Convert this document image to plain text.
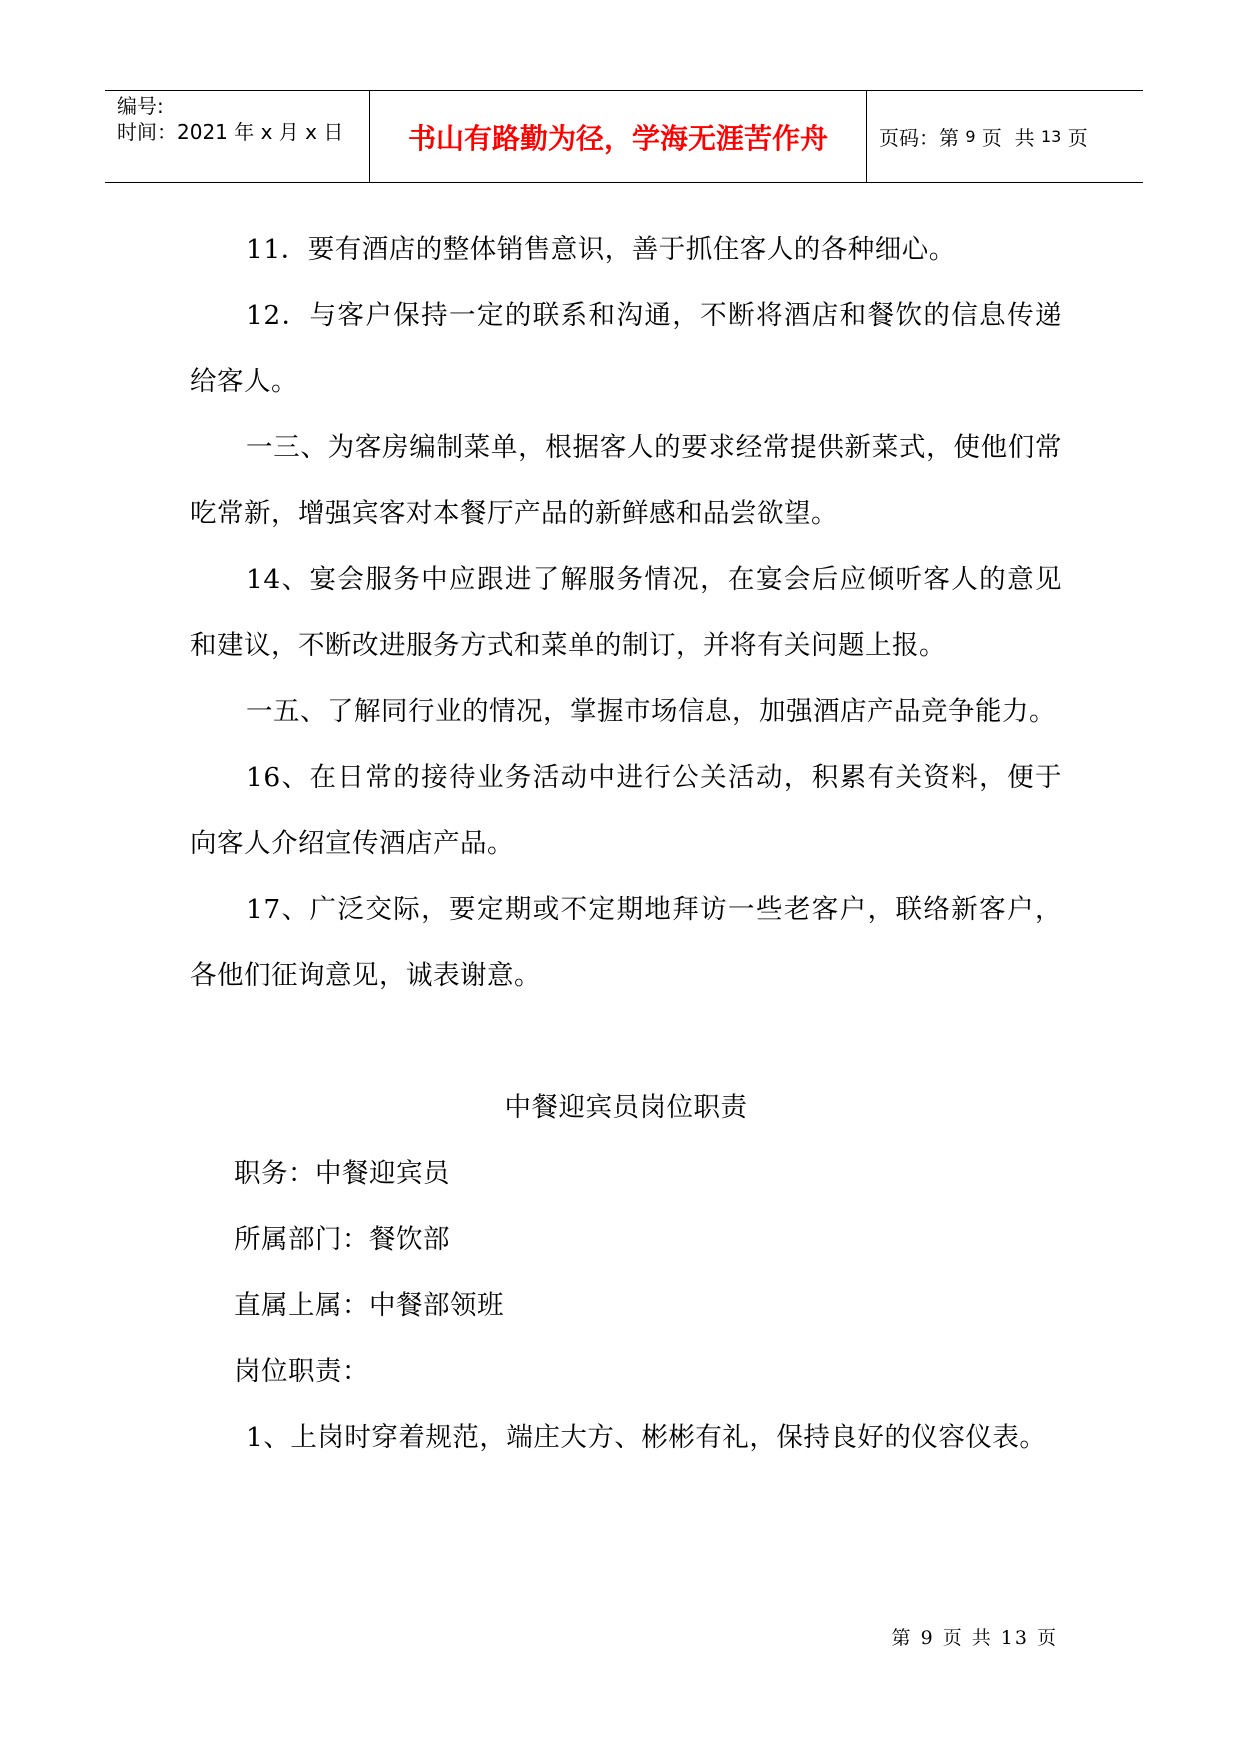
编号:
时间：2021 年 x 月 x 日	书山有路勤为径，学海无涯苦作舟	页码：第 9 页  共 13 页

11．要有酒店的整体销售意识，善于抓住客人的各种细心。

12．与客户保持一定的联系和沟通，不断将酒店和餐饮的信息传递给客人。

一三、为客房编制菜单，根据客人的要求经常提供新菜式，使他们常吃常新，增强宾客对本餐厅产品的新鲜感和品尝欲望。

14、宴会服务中应跟进了解服务情况，在宴会后应倾听客人的意见和建议，不断改进服务方式和菜单的制订，并将有关问题上报。

一五、了解同行业的情况，掌握市场信息，加强酒店产品竞争能力。

16、在日常的接待业务活动中进行公关活动，积累有关资料，便于向客人介绍宣传酒店产品。

17、广泛交际，要定期或不定期地拜访一些老客户，联络新客户，各他们征询意见，诚表谢意。

中餐迎宾员岗位职责

职务：中餐迎宾员

所属部门：餐饮部

直属上属：中餐部领班

岗位职责：

1、上岗时穿着规范，端庄大方、彬彬有礼，保持良好的仪容仪表。

第 9 页 共 13 页
